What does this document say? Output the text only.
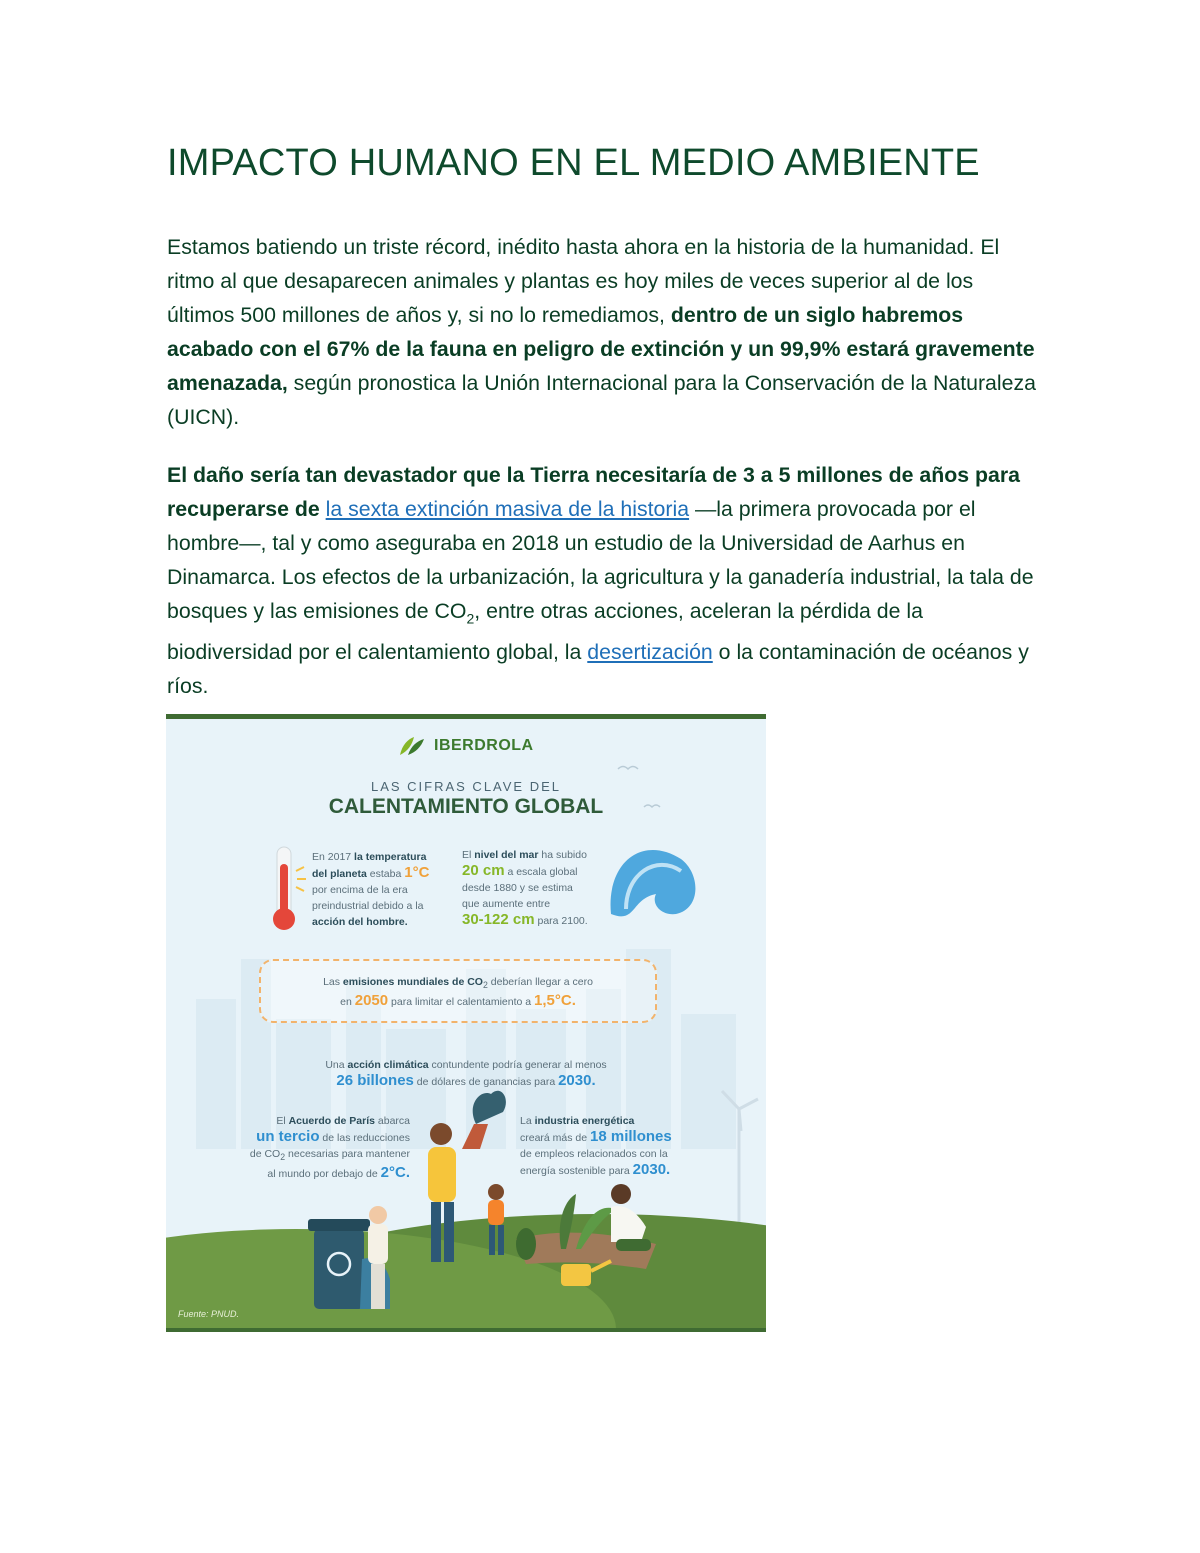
IMPACTO HUMANO EN EL MEDIO AMBIENTE

Estamos batiendo un triste récord, inédito hasta ahora en la historia de la humanidad. El ritmo al que desaparecen animales y plantas es hoy miles de veces superior al de los últimos 500 millones de años y, si no lo remediamos, dentro de un siglo habremos acabado con el 67% de la fauna en peligro de extinción y un 99,9% estará gravemente amenazada, según pronostica la Unión Internacional para la Conservación de la Naturaleza (UICN).

El daño sería tan devastador que la Tierra necesitaría de 3 a 5 millones de años para recuperarse de la sexta extinción masiva de la historia —la primera provocada por el hombre—, tal y como aseguraba en 2018 un estudio de la Universidad de Aarhus en Dinamarca. Los efectos de la urbanización, la agricultura y la ganadería industrial, la tala de bosques y las emisiones de $CO_2$, entre otras acciones, aceleran la pérdida de la biodiversidad por el calentamiento global, la desertización o la contaminación de océanos y ríos.

IBERDROLA
LAS CIFRAS CLAVE DEL
CALENTAMIENTO GLOBAL
En 2017 la temperatura
del planeta estaba 1°C
por encima de la era
preindustrial debido a la
acción del hombre.
El nivel del mar ha subido
20 cm a escala global
desde 1880 y se estima
que aumente entre
30-122 cm para 2100.
Las emisiones mundiales de $CO_2$ deberían llegar a cero
en 2050 para limitar el calentamiento a 1,5°C.
Una acción climática contundente podría generar al menos
26 billones de dólares de ganancias para 2030.
El Acuerdo de París abarca
un tercio de las reducciones
de $CO_2$ necesarias para mantener
al mundo por debajo de 2°C.
La industria energética
creará más de 18 millones
de empleos relacionados con la
energía sostenible para 2030.
Fuente: PNUD.
